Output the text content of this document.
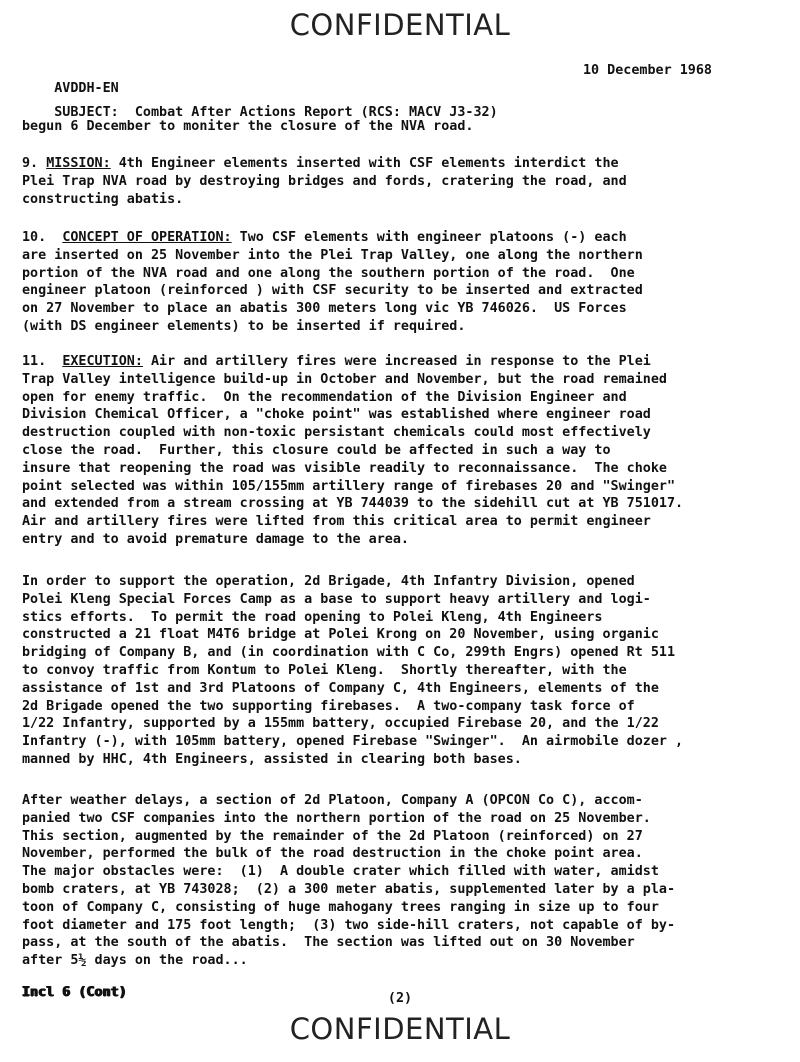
CONFIDENTIAL

AVDDH-EN

10 December 1968

SUBJECT: Combat After Actions Report (RCS: MACV J3-32)

begun 6 December to moniter the closure of the NVA road.
9. MISSION: 4th Engineer elements inserted with CSF elements interdict the
Plei Trap NVA road by destroying bridges and fords, cratering the road, and
constructing abatis.
10. CONCEPT OF OPERATION: Two CSF elements with engineer platoons (-) each
are inserted on 25 November into the Plei Trap Valley, one along the northern
portion of the NVA road and one along the southern portion of the road.  One
engineer platoon (reinforced ) with CSF security to be inserted and extracted
on 27 November to place an abatis 300 meters long vic YB 746026.  US Forces
(with DS engineer elements) to be inserted if required.
11. EXECUTION: Air and artillery fires were increased in response to the Plei
Trap Valley intelligence build-up in October and November, but the road remained
open for enemy traffic.  On the recommendation of the Division Engineer and
Division Chemical Officer, a "choke point" was established where engineer road
destruction coupled with non-toxic persistant chemicals could most effectively
close the road.  Further, this closure could be affected in such a way to
insure that reopening the road was visible readily to reconnaissance.  The choke
point selected was within 105/155mm artillery range of firebases 20 and "Swinger"
and extended from a stream crossing at YB 744039 to the sidehill cut at YB 751017.
Air and artillery fires were lifted from this critical area to permit engineer
entry and to avoid premature damage to the area.
In order to support the operation, 2d Brigade, 4th Infantry Division, opened
Polei Kleng Special Forces Camp as a base to support heavy artillery and logi-
stics efforts.  To permit the road opening to Polei Kleng, 4th Engineers
constructed a 21 float M4T6 bridge at Polei Krong on 20 November, using organic
bridging of Company B, and (in coordination with C Co, 299th Engrs) opened Rt 511
to convoy traffic from Kontum to Polei Kleng.  Shortly thereafter, with the
assistance of 1st and 3rd Platoons of Company C, 4th Engineers, elements of the
2d Brigade opened the two supporting firebases.  A two-company task force of
1/22 Infantry, supported by a 155mm battery, occupied Firebase 20, and the 1/22
Infantry (-), with 105mm battery, opened Firebase "Swinger".  An airmobile dozer ,
manned by HHC, 4th Engineers, assisted in clearing both bases.
After weather delays, a section of 2d Platoon, Company A (OPCON Co C), accom-
panied two CSF companies into the northern portion of the road on 25 November.
This section, augmented by the remainder of the 2d Platoon (reinforced) on 27
November, performed the bulk of the road destruction in the choke point area.
The major obstacles were:  (1)  A double crater which filled with water, amidst
bomb craters, at YB 743028;  (2) a 300 meter abatis, supplemented later by a pla-
toon of Company C, consisting of huge mahogany trees ranging in size up to four
foot diameter and 175 foot length;  (3) two side-hill craters, not capable of by-
pass, at the south of the abatis.  The section was lifted out on 30 November
after 5½ days on the road...
Incl 6 (Cont)	(2)
CONFIDENTIAL
